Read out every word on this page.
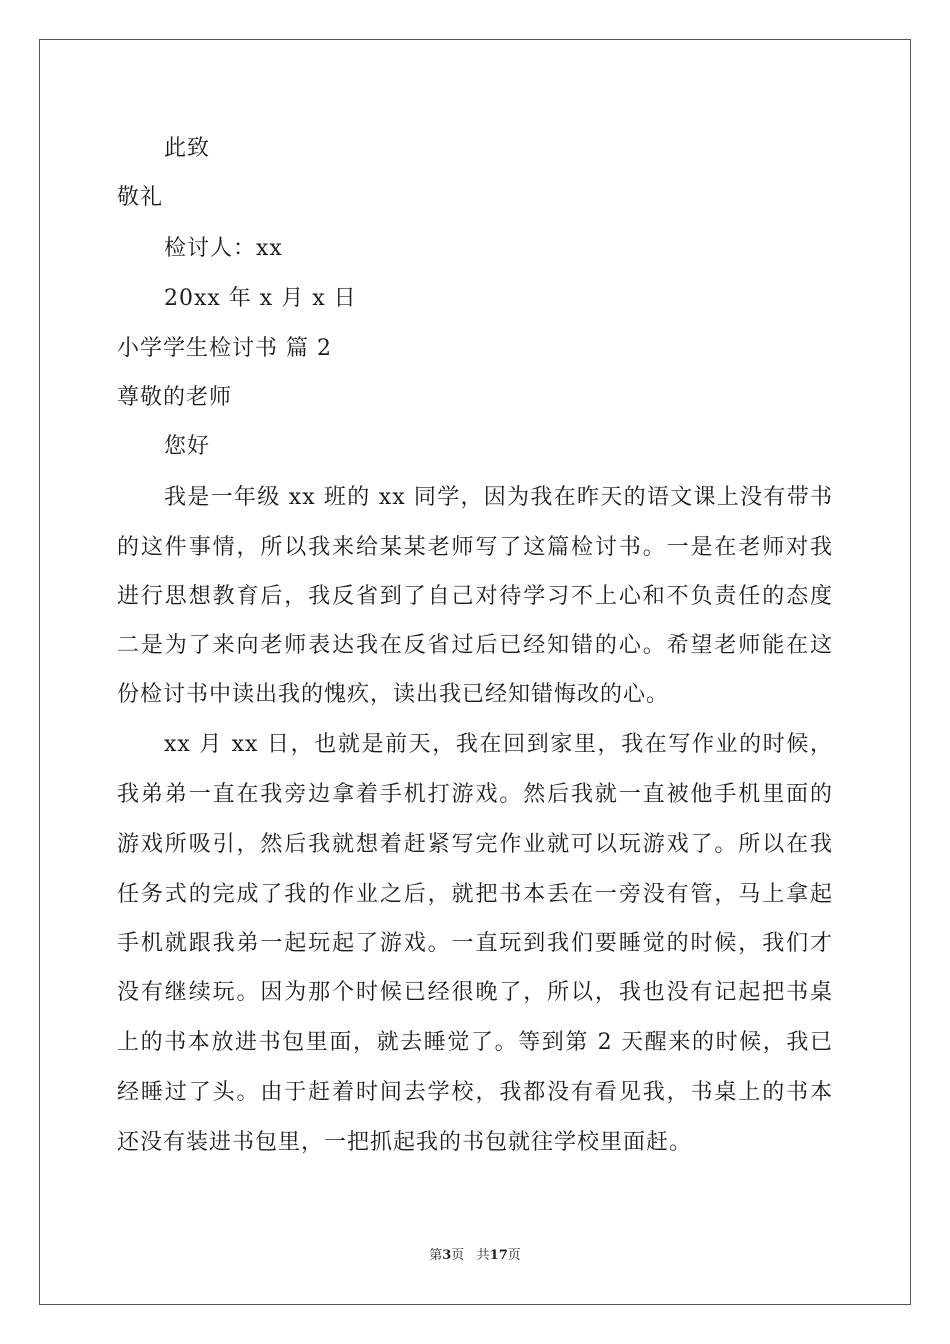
此致
敬礼
检讨人：xx
20xx 年 x 月 x 日
小学学生检讨书 篇 2
尊敬的老师
您好
我是一年级 xx 班的 xx 同学，因为我在昨天的语文课上没有带书
的这件事情，所以我来给某某老师写了这篇检讨书。一是在老师对我
进行思想教育后，我反省到了自己对待学习不上心和不负责任的态度
二是为了来向老师表达我在反省过后已经知错的心。希望老师能在这
份检讨书中读出我的愧疚，读出我已经知错悔改的心。
xx 月 xx 日，也就是前天，我在回到家里，我在写作业的时候，
我弟弟一直在我旁边拿着手机打游戏。然后我就一直被他手机里面的
游戏所吸引，然后我就想着赶紧写完作业就可以玩游戏了。所以在我
任务式的完成了我的作业之后，就把书本丢在一旁没有管，马上拿起
手机就跟我弟一起玩起了游戏。一直玩到我们要睡觉的时候，我们才
没有继续玩。因为那个时候已经很晚了，所以，我也没有记起把书桌
上的书本放进书包里面，就去睡觉了。等到第 2 天醒来的时候，我已
经睡过了头。由于赶着时间去学校，我都没有看见我，书桌上的书本
还没有装进书包里，一把抓起我的书包就往学校里面赶。
第3页 共17页
